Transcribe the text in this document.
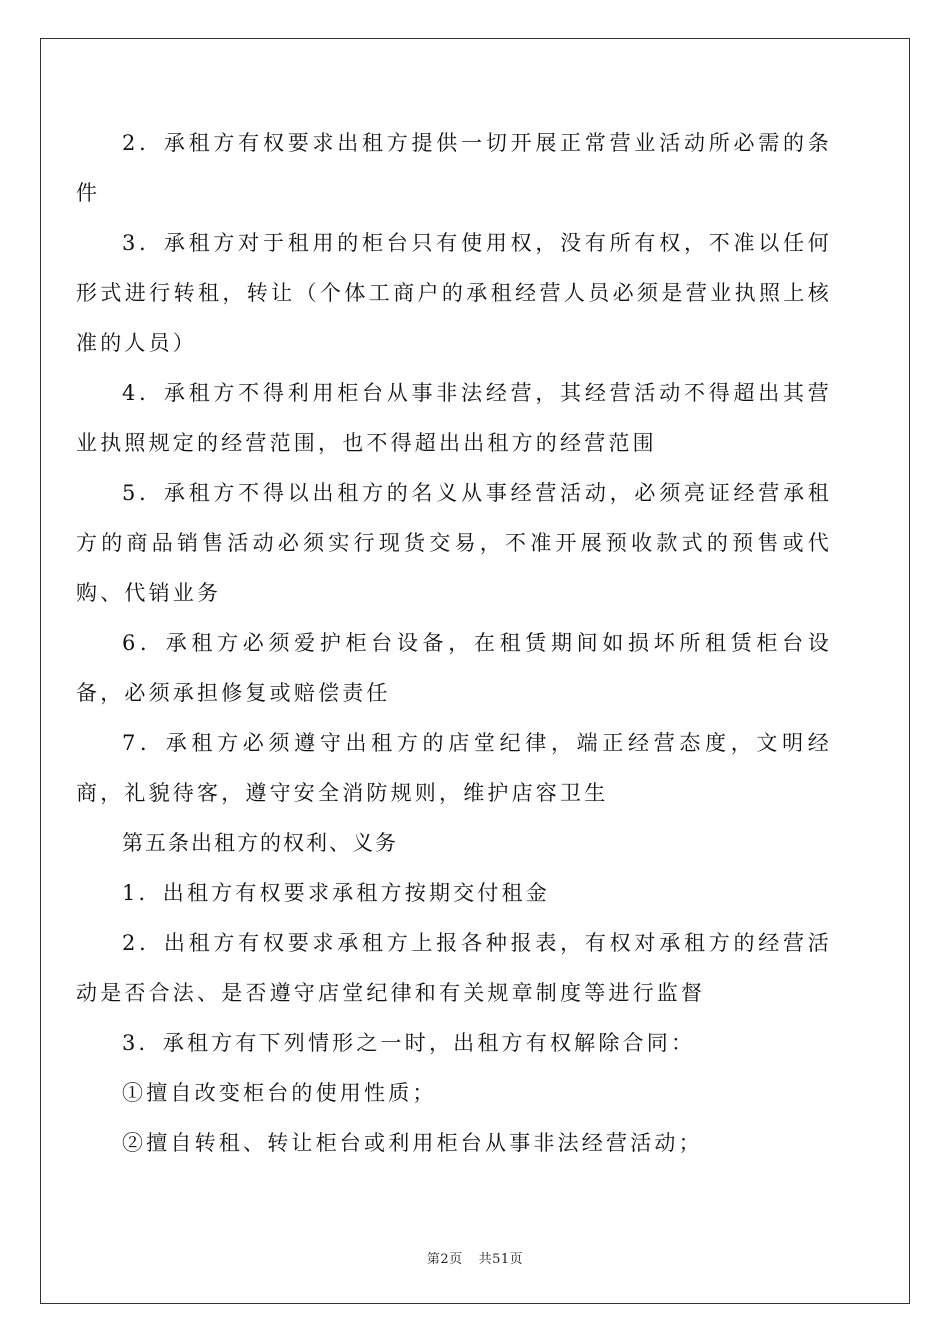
2．承租方有权要求出租方提供一切开展正常营业活动所必需的条件

3．承租方对于租用的柜台只有使用权，没有所有权，不准以任何形式进行转租，转让（个体工商户的承租经营人员必须是营业执照上核准的人员）

4．承租方不得利用柜台从事非法经营，其经营活动不得超出其营业执照规定的经营范围，也不得超出出租方的经营范围

5．承租方不得以出租方的名义从事经营活动，必须亮证经营承租方的商品销售活动必须实行现货交易，不准开展预收款式的预售或代购、代销业务

6．承租方必须爱护柜台设备，在租赁期间如损坏所租赁柜台设备，必须承担修复或赔偿责任

7．承租方必须遵守出租方的店堂纪律，端正经营态度，文明经商，礼貌待客，遵守安全消防规则，维护店容卫生

第五条出租方的权利、义务

1．出租方有权要求承租方按期交付租金

2．出租方有权要求承租方上报各种报表，有权对承租方的经营活动是否合法、是否遵守店堂纪律和有关规章制度等进行监督

3．承租方有下列情形之一时，出租方有权解除合同：

①擅自改变柜台的使用性质；

②擅自转租、转让柜台或利用柜台从事非法经营活动；

第2页 共51页
